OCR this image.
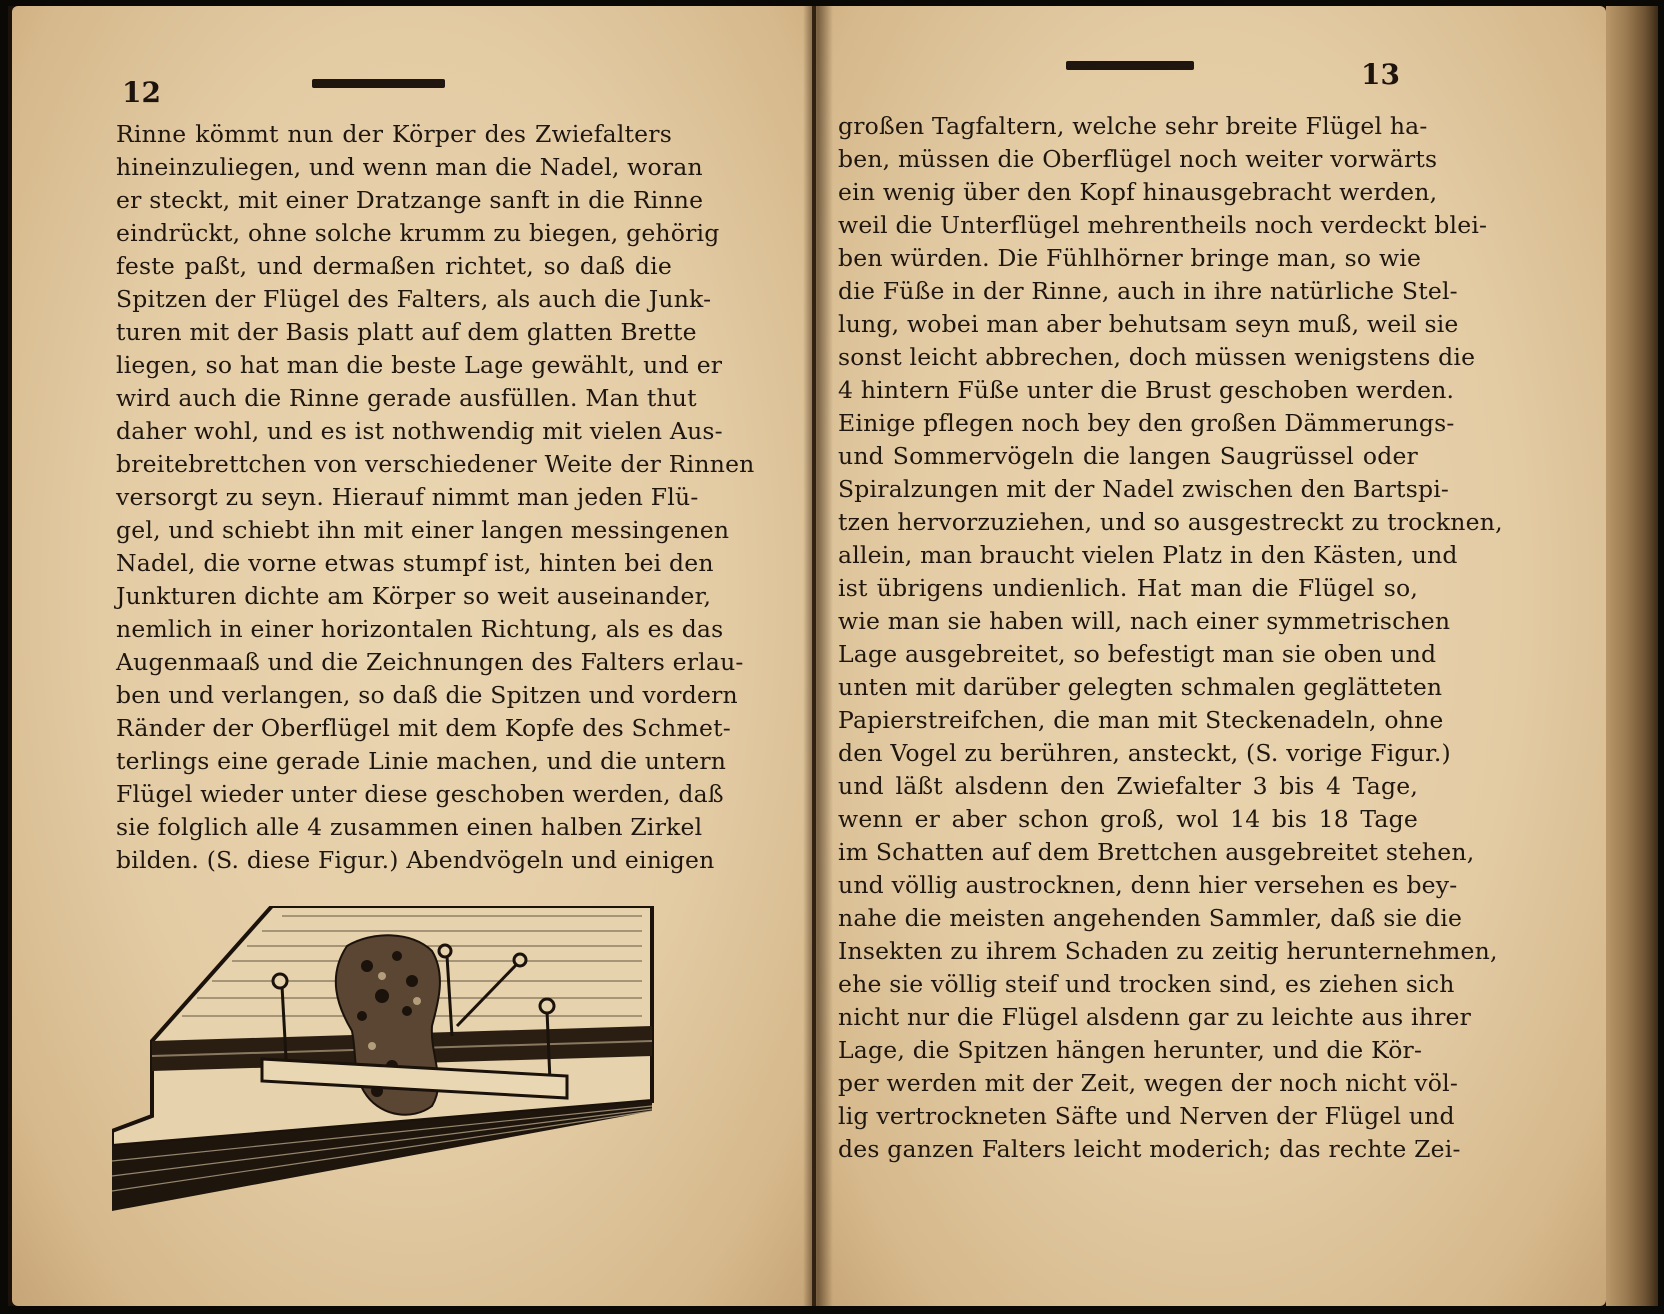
12
Rinne kömmt nun der Körper des Zwiefalters
hineinzuliegen, und wenn man die Nadel, woran
er steckt, mit einer Dratzange sanft in die Rinne
eindrückt, ohne solche krumm zu biegen, gehörig
feste paßt, und dermaßen richtet, so daß die
Spitzen der Flügel des Falters, als auch die Junk-
turen mit der Basis platt auf dem glatten Brette
liegen, so hat man die beste Lage gewählt, und er
wird auch die Rinne gerade ausfüllen. Man thut
daher wohl, und es ist nothwendig mit vielen Aus-
breitebrettchen von verschiedener Weite der Rinnen
versorgt zu seyn. Hierauf nimmt man jeden Flü-
gel, und schiebt ihn mit einer langen messingenen
Nadel, die vorne etwas stumpf ist, hinten bei den
Junkturen dichte am Körper so weit auseinander,
nemlich in einer horizontalen Richtung, als es das
Augenmaaß und die Zeichnungen des Falters erlau-
ben und verlangen, so daß die Spitzen und vordern
Ränder der Oberflügel mit dem Kopfe des Schmet-
terlings eine gerade Linie machen, und die untern
Flügel wieder unter diese geschoben werden, daß
sie folglich alle 4 zusammen einen halben Zirkel
bilden. (S. diese Figur.) Abendvögeln und einigen
13
großen Tagfaltern, welche sehr breite Flügel ha-
ben, müssen die Oberflügel noch weiter vorwärts
ein wenig über den Kopf hinausgebracht werden,
weil die Unterflügel mehrentheils noch verdeckt blei-
ben würden. Die Fühlhörner bringe man, so wie
die Füße in der Rinne, auch in ihre natürliche Stel-
lung, wobei man aber behutsam seyn muß, weil sie
sonst leicht abbrechen, doch müssen wenigstens die
4 hintern Füße unter die Brust geschoben werden.
Einige pflegen noch bey den großen Dämmerungs-
und Sommervögeln die langen Saugrüssel oder
Spiralzungen mit der Nadel zwischen den Bartspi-
tzen hervorzuziehen, und so ausgestreckt zu trocknen,
allein, man braucht vielen Platz in den Kästen, und
ist übrigens undienlich. Hat man die Flügel so,
wie man sie haben will, nach einer symmetrischen
Lage ausgebreitet, so befestigt man sie oben und
unten mit darüber gelegten schmalen geglätteten
Papierstreifchen, die man mit Steckenadeln, ohne
den Vogel zu berühren, ansteckt, (S. vorige Figur.)
und läßt alsdenn den Zwiefalter 3 bis 4 Tage,
wenn er aber schon groß, wol 14 bis 18 Tage
im Schatten auf dem Brettchen ausgebreitet stehen,
und völlig austrocknen, denn hier versehen es bey-
nahe die meisten angehenden Sammler, daß sie die
Insekten zu ihrem Schaden zu zeitig herunternehmen,
ehe sie völlig steif und trocken sind, es ziehen sich
nicht nur die Flügel alsdenn gar zu leichte aus ihrer
Lage, die Spitzen hängen herunter, und die Kör-
per werden mit der Zeit, wegen der noch nicht völ-
lig vertrockneten Säfte und Nerven der Flügel und
des ganzen Falters leicht moderich; das rechte Zei-
